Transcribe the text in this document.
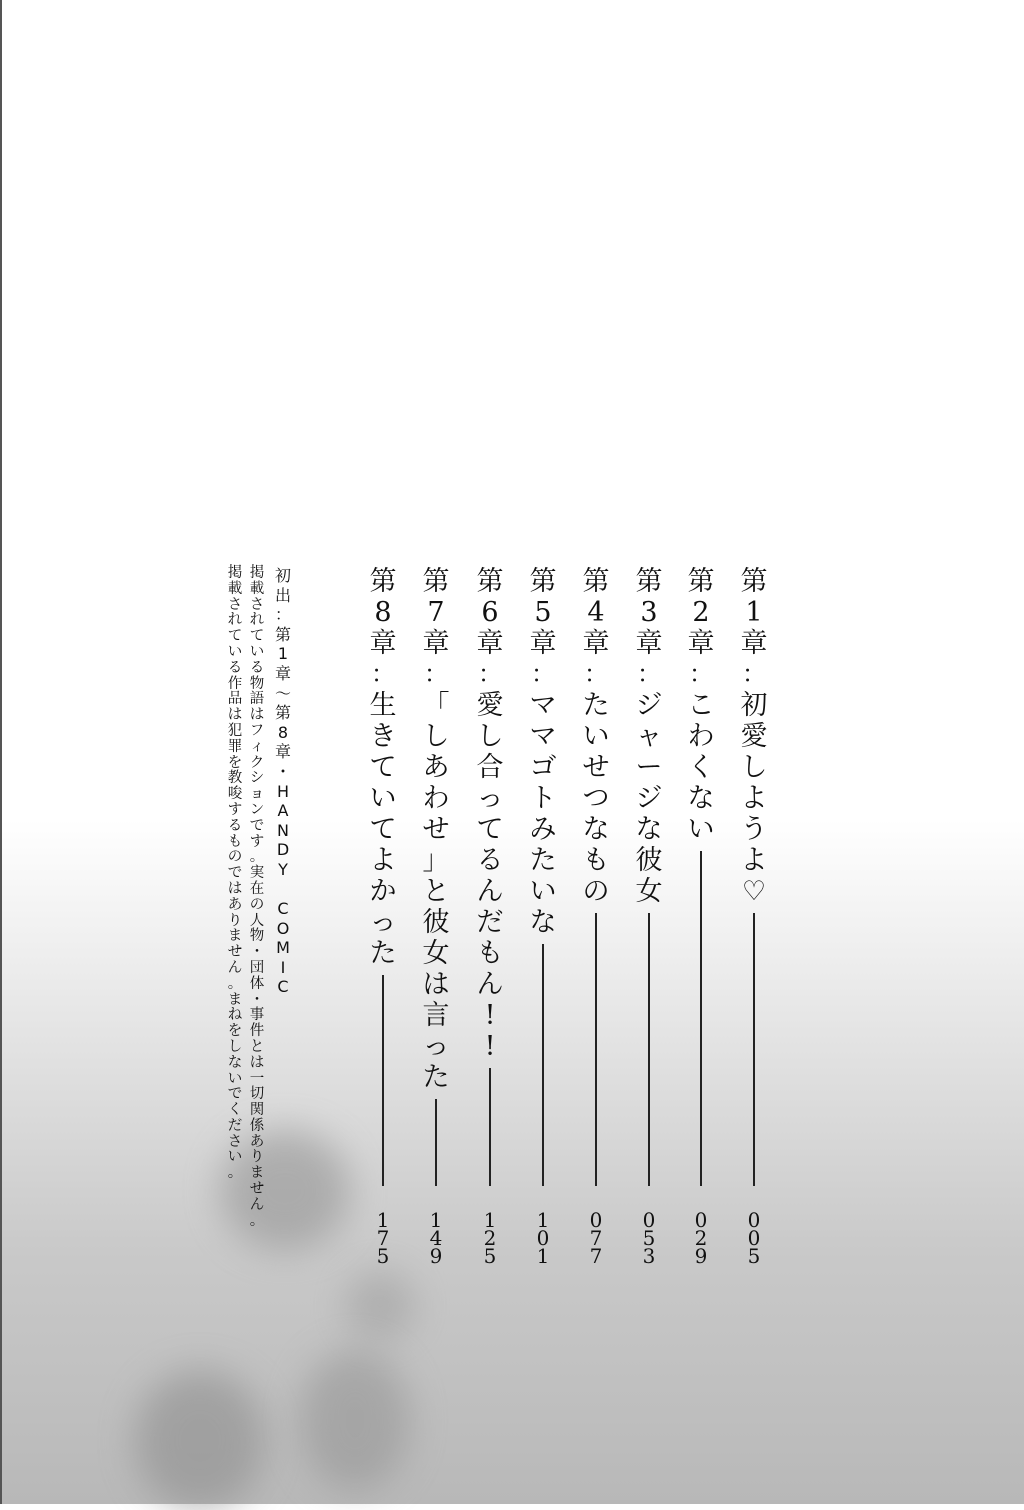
第
1
章
：
初
愛
し
よ
う
よ
♡
0
0
5
第
2
章
：
こ
わ
く
な
い
0
2
9
第
3
章
：
ジ
ャ
ー
ジ
な
彼
女
0
5
3
第
4
章
：
た
い
せ
つ
な
も
の
0
7
7
第
5
章
：
マ
マ
ゴ
ト
み
た
い
な
1
0
1
第
6
章
：
愛
し
合
っ
て
る
ん
だ
も
ん
!
!
1
2
5
第
7
章
：
「
し
あ
わ
せ
」
と
彼
女
は
言
っ
た
1
4
9
第
8
章
：
生
き
て
い
て
よ
か
っ
た
1
7
5
初
出
：
第
1
章
〜
第
8
章
・
H
A
N
D
Y
C
O
M
I
C
掲
載
さ
れ
て
い
る
物
語
は
フ
ィ
ク
シ
ョ
ン
で
す
。
実
在
の
人
物
・
団
体
・
事
件
と
は
一
切
関
係
あ
り
ま
せ
ん
。
掲
載
さ
れ
て
い
る
作
品
は
犯
罪
を
教
唆
す
る
も
の
で
は
あ
り
ま
せ
ん
。
ま
ね
を
し
な
い
で
く
だ
さ
い
。
